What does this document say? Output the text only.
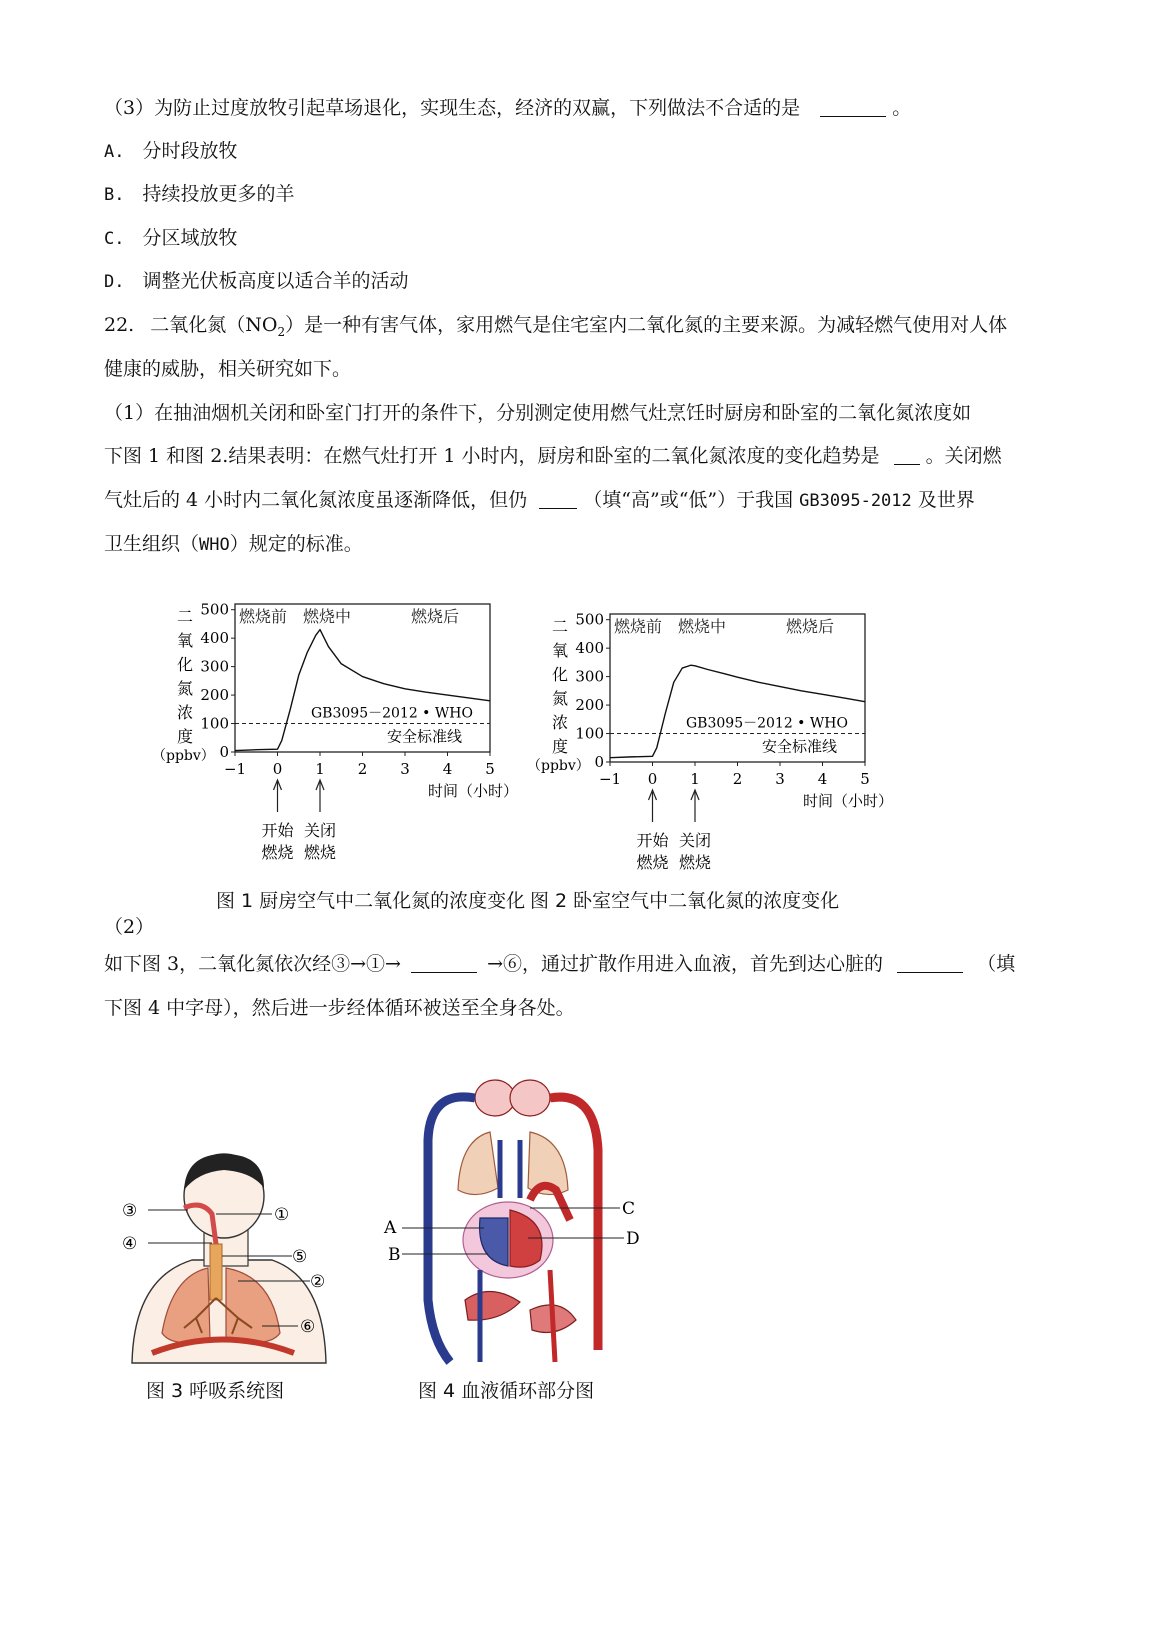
（3）为防止过度放牧引起草场退化，实现生态，经济的双赢，下列做法不合适的是	。
A. 分时段放牧
B. 持续投放更多的羊
C. 分区域放牧
D. 调整光伏板高度以适合羊的活动
22. 二氧化氮$(NO_2)$是一种有害气体，家用燃气是住宅室内二氧化氮的主要来源。为减轻燃气使用对人体
健康的威胁，相关研究如下。
（1）在抽油烟机关闭和卧室门打开的条件下，分别测定使用燃气灶烹饪时厨房和卧室的二氧化氮浓度如
下图 1 和图 2.结果表明：在燃气灶打开 1 小时内，厨房和卧室的二氧化氮浓度的变化趋势是 。关闭燃
气灶后的 4 小时内二氧化氮浓度虽逐渐降低，但仍	（填“高”或“低”）于我国 GB3095-2012 及世界
卫生组织（WHO）规定的标准。
燃烧前 燃烧中	燃烧后
0
100
200
300
400
500
−1 0 1 2 3 4 5
时间（小时）
二
氧
化
氮
浓
度
（ppbv）
GB3095－2012 • WHO
安全标准线
开始
燃烧
关闭
燃烧
燃烧前 燃烧中	燃烧后
0
100
200
300
400
500
−1 0 1 2 3 4 5
时间（小时）
二
氧
化
氮
浓
度
（ppbv）
GB3095－2012 • WHO
安全标准线
开始
燃烧
关闭
燃烧
图 1 厨房空气中二氧化氮的浓度变化 图 2 卧室空气中二氧化氮的浓度变化
（2）
如下图 3，二氧化氮依次经③→①→	→⑥，通过扩散作用进入血液，首先到达心脏的	（填
下图 4 中字母），然后进一步经体循环被送至全身各处。
③
④
①
⑤
②
⑥
图 3 呼吸系统图
A
B
C
D
图 4 血液循环部分图
